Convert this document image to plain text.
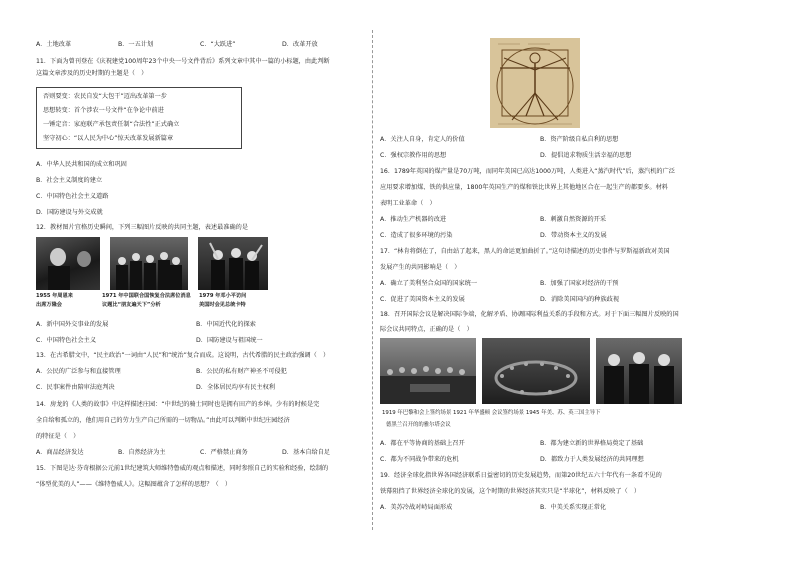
A．土地改革	B．一五计划	C．“大跃进”	D．改革开放
11．下面为曾刊登在《庆祝建党100周年23个中央一号文件背后》系列文章中其中一篇的小标题，由此判断
这篇文章涉及的历史时期的主题是（　）
否则要变：农民自发“大包干”迈出改革第一步
思想转变：首个涉农一号文件“在争论中前进
一锤定音：家庭联产承包责任制“合法性”正式确立
坚守初心：“以人民为中心”惊天改革发展新篇章
A．中华人民共和国的成立和巩固
B．社会主义制度的建立
C．中国特色社会主义道路
D．国防建设与外交成就
12．教材图片宜格历史瞬间，下列三幅图片反映的共同主题，表述最准确的是
1955 年周恩来
出席万隆会
1971 年中国联合国恢复合法席位消息
议题比“朋友遍天下”分析
1979 年邓小平访问
美国时会见总统卡特
A．新中国外交事业的发展	B．中国近代化的探索
C．中国特色社会主义	D．国防建设与祖国统一
13．在古希腊文中，“民主政治”一词由“人民”和“统治”复合而成。这说明，古代希腊的民主政治强调（　）
A．公民的广泛参与和直接管理	B．公民的私有财产神圣不可侵犯
C．民事案件由陪审法庭判决	D．全体居民均享有民主权利
14．房龙的《人类的故事》中这样描述庄园：“中世纪的骑士同时也是拥有田产的乡绅。少有的时候是完
全自给和孤立的，他们用自己的劳力生产自己所需的一切物品。”由此可以判断中世纪庄园经济
的特征是（　）
A．商品经济发达	B．自然经济为主	C．严格禁止商务	D．基本自给自足
15．下图是达·芬奇根据公元前1世纪建筑大师维特鲁威的观点和描述，同时参照自己的实验和经验，绘制的
“体型优美的人”——《维特鲁威人》。这幅图蕴含了怎样的思想？（　）
A．关注人自身，肯定人的价值	B．资产阶级自私自利的思想
C．强权宗教作用的思想	D．提倡追求物质生活幸福的思想
16．1789年英国的煤产量是70万吨，而同年美国已高达1000万吨，人类进入“蒸汽时代”后，蒸汽机的广泛
应用要求增加煤、铁的供应量，1800年英国生产的煤和铁比世界上其他地区合在一起生产的都要多。材料
表明工业革命（　）
A．推动生产机器的改进	B．刺激自然资源的开采
C．造成了很多环境的污染	D．带动资本主义的发展
17．“林肯将倒在了，自由站了起来，黑人的命运更加曲折了。”这句诗描述的历史事件与罗斯福新政对美国
发展产生的共同影响是（　）
A．确立了美利坚合众国的国家统一	B．加强了国家对经济的干预
C．促进了美国资本主义的发展	D．消除美国国内的种族歧视
18．召开国际会议是解决国际争端，化解矛盾、协调国际利益关系的手段和方式。对于下面三幅图片反映的国
际会议共同特点，正确的是（　）
1919 年巴黎和会上签约场景 1921 年华盛顿 会议签约场景 1945 年美、苏、英三国主导下
德黑兰召开的的雅尔塔会议
A．都在平等协商的基础上召开	B．都为建立新的世界格局奠定了基础
C．都为不同战争带来的危机	D．都致力于人类发展经济的共同理想
19．经济全球化指世界各国经济联系日益密切的历史发展趋势，而第20世纪五六十年代有一条看不见的
铁幕阻挡了世界经济全球化的发展，这个时期的世界经济其实只是“半球化”，材料反映了（　）
A．美苏冷战对峙局面形成	B．中美关系实现正常化
